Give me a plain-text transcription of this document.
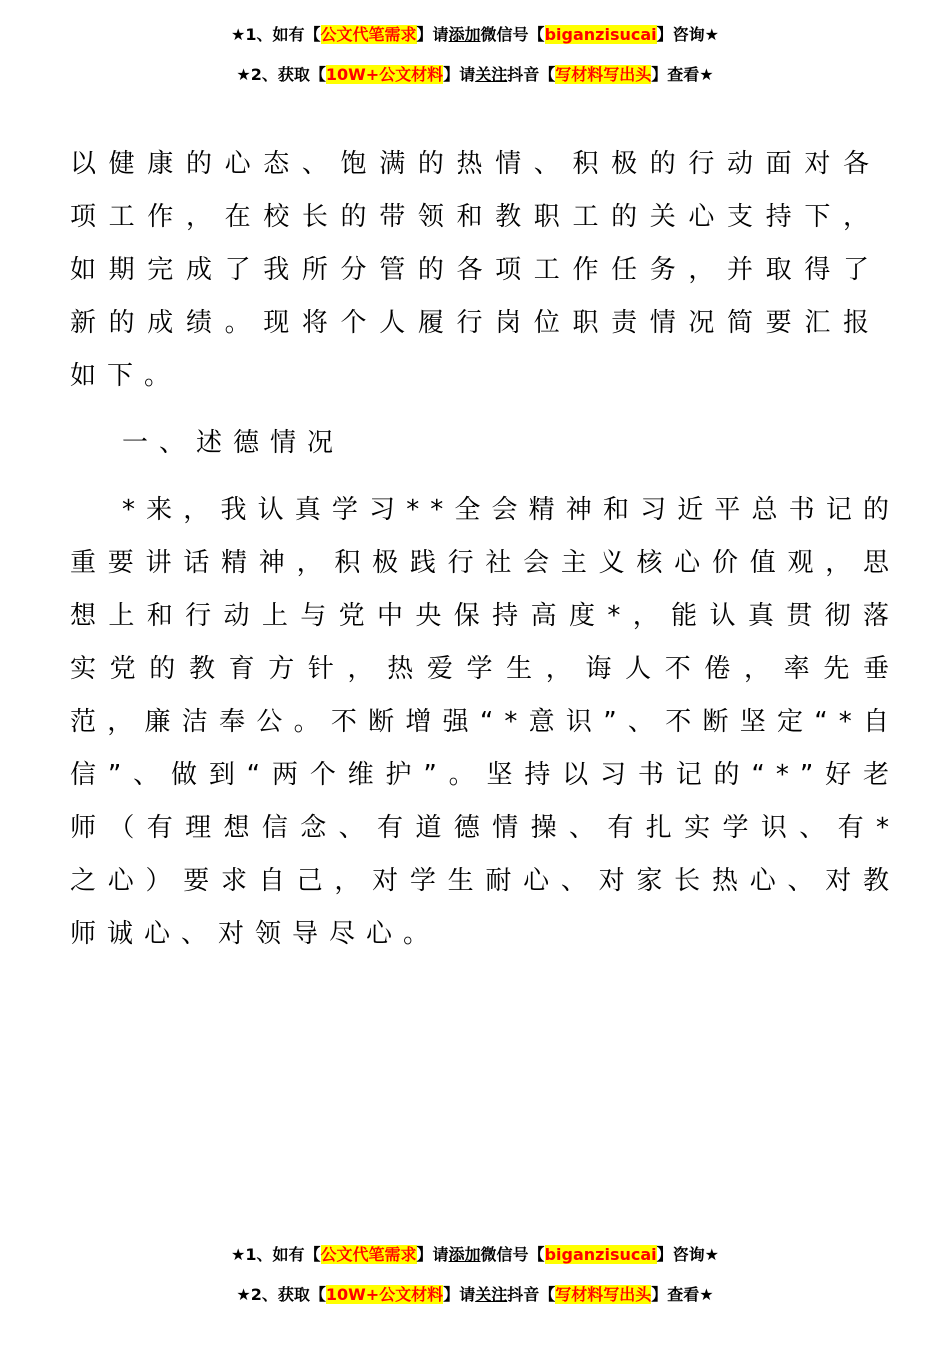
★1、如有【公文代笔需求】请添加微信号【biganzisucai】咨询★
★2、获取【10W+公文材料】请关注抖音【写材料写出头】查看★

以健康的心态、饱满的热情、积极的行动面对各项工作，在校长的带领和教职工的关心支持下，如期完成了我所分管的各项工作任务，并取得了新的成绩。现将个人履行岗位职责情况简要汇报如下。

一、述德情况

*来，我认真学习**全会精神和习近平总书记的重要讲话精神，积极践行社会主义核心价值观，思想上和行动上与党中央保持高度*，能认真贯彻落实党的教育方针，热爱学生，诲人不倦，率先垂范，廉洁奉公。不断增强“*意识”、不断坚定“*自信”、做到“两个维护”。坚持以习书记的“*”好老师（有理想信念、有道德情操、有扎实学识、有*之心）要求自己，对学生耐心、对家长热心、对教师诚心、对领导尽心。

★1、如有【公文代笔需求】请添加微信号【biganzisucai】咨询★
★2、获取【10W+公文材料】请关注抖音【写材料写出头】查看★
